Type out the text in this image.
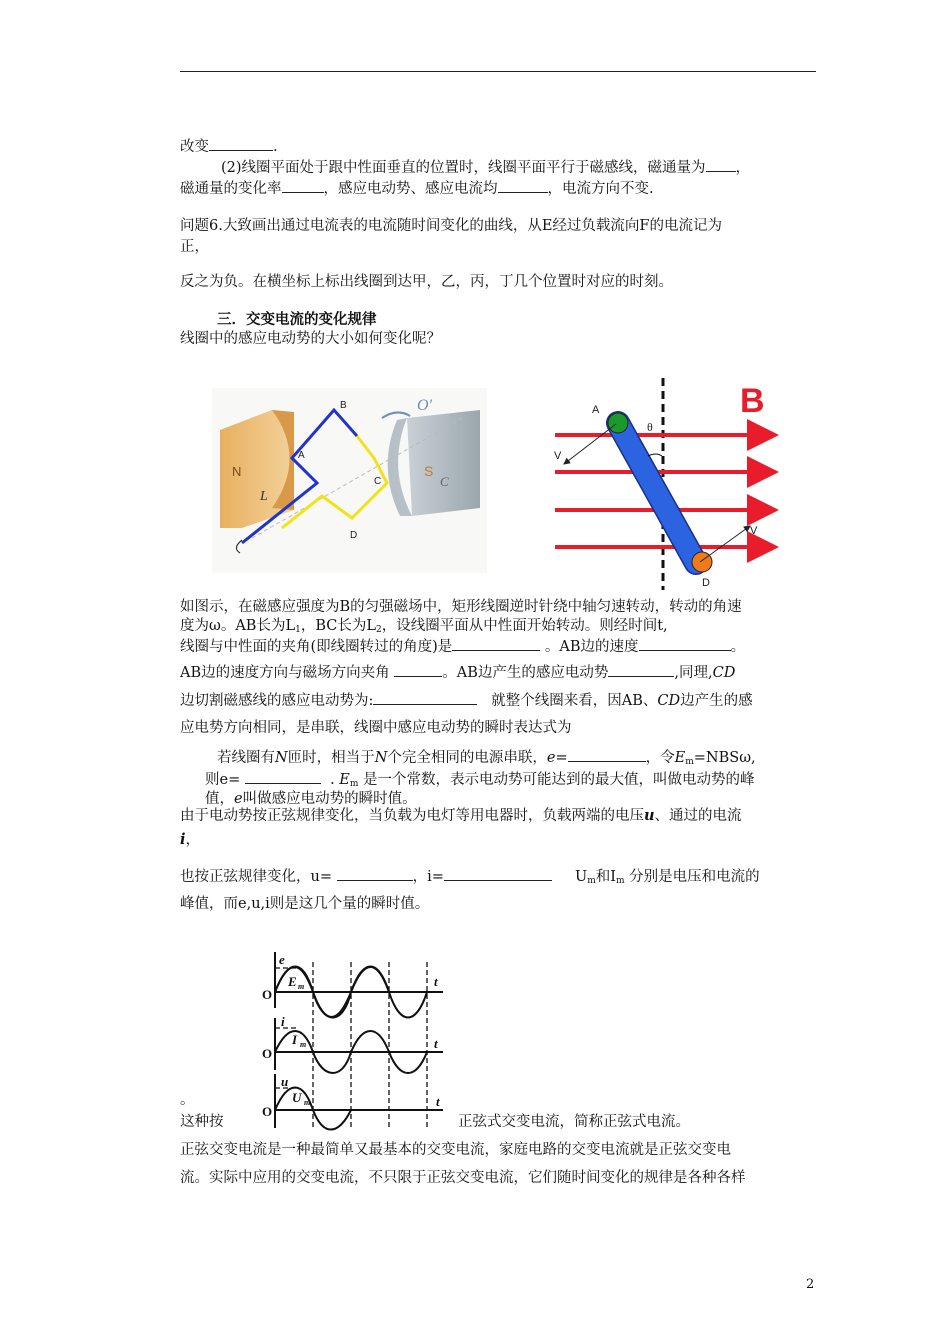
改变	.
(2)线圈平面处于跟中性面垂直的位置时，线圈平面平行于磁感线，磁通量为 ，
磁通量的变化率	，感应电动势、感应电流均	，电流方向不变.
问题6.大致画出通过电流表的电流随时间变化的曲线，从E经过负载流向F的电流记为
正，
反之为负。在横坐标上标出线圈到达甲，乙，丙，丁几个位置时对应的时刻。
三．交变电流的变化规律
线圈中的感应电动势的大小如何变化呢？
N
L
B
A
C
S
C
D
O'	B
A
θ
V
V
D
如图示，在磁感应强度为B的匀强磁场中，矩形线圈逆时针绕中轴匀速转动，转动的角速
度为ω。AB长为$L_1$，BC长为$L_2$，设线圈平面从中性面开始转动。则经时间t,
线圈与中性面的夹角(即线圈转过的角度)是	。AB边的速度	。
AB边的速度方向与磁场方向夹角	。AB边产生的感应电动势	,同理,CD
边切割磁感线的感应电动势为:	就整个线圈来看，因AB、CD边产生的感
应电势方向相同，是串联，线圈中感应电动势的瞬时表达式为
若线圈有N匝时，相当于N个完全相同的电源串联，e=	，令$E_m=NBS\omega$,
则e=	. $E_m$ 是一个常数，表示电动势可能达到的最大值，叫做电动势的峰
值，e叫做感应电动势的瞬时值。
由于电动势按正弦规律变化，当负载为电灯等用电器时，负载两端的电压u、通过的电流
i，
也按正弦规律变化，u=	，i=	$U_m$和$I_m$ 分别是电压和电流的
峰值，而e,u,i则是这几个量的瞬时值。
e
E m
O
t
i
I m
O
t
u
U m
O
t
。
这种按	正弦式交变电流，简称正弦式电流。
正弦交变电流是一种最简单又最基本的交变电流，家庭电路的交变电流就是正弦交变电
流。实际中应用的交变电流，不只限于正弦交变电流，它们随时间变化的规律是各种各样
2
